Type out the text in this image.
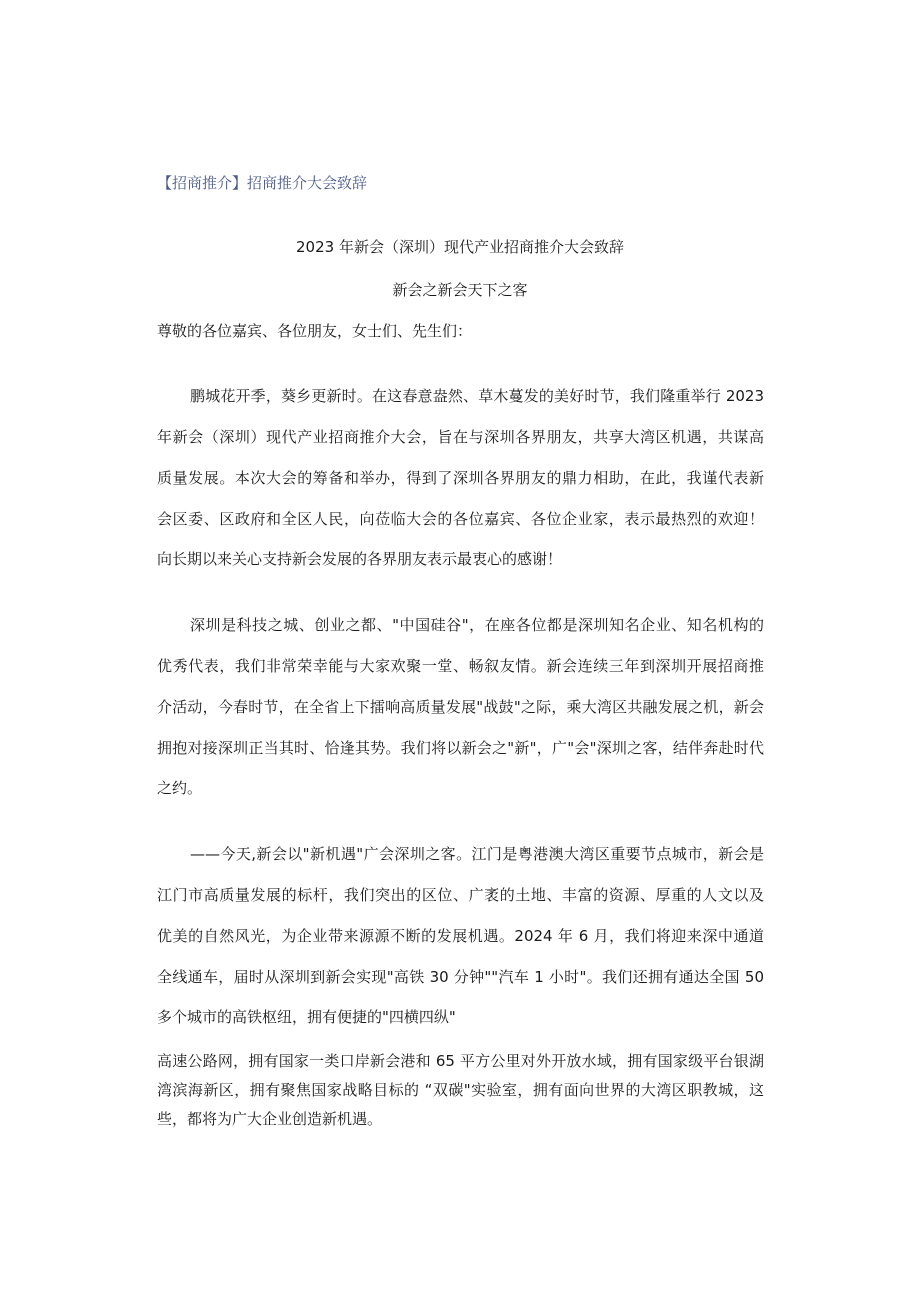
【招商推介】招商推介大会致辞
2023 年新会（深圳）现代产业招商推介大会致辞
新会之新会天下之客
尊敬的各位嘉宾、各位朋友，女士们、先生们：
鹏城花开季，葵乡更新时。在这春意盎然、草木蔓发的美好时节，我们隆重举行 2023
年新会（深圳）现代产业招商推介大会，旨在与深圳各界朋友，共享大湾区机遇，共谋高
质量发展。本次大会的筹备和举办，得到了深圳各界朋友的鼎力相助，在此，我谨代表新
会区委、区政府和全区人民，向莅临大会的各位嘉宾、各位企业家，表示最热烈的欢迎！
向长期以来关心支持新会发展的各界朋友表示最衷心的感谢！
深圳是科技之城、创业之都、"中国硅谷"，在座各位都是深圳知名企业、知名机构的
优秀代表，我们非常荣幸能与大家欢聚一堂、畅叙友情。新会连续三年到深圳开展招商推
介活动，今春时节，在全省上下擂响高质量发展"战鼓"之际，乘大湾区共融发展之机，新会
拥抱对接深圳正当其时、恰逢其势。我们将以新会之"新"，广"会"深圳之客，结伴奔赴时代
之约。
——今天,新会以"新机遇"广会深圳之客。江门是粤港澳大湾区重要节点城市，新会是
江门市高质量发展的标杆，我们突出的区位、广袤的土地、丰富的资源、厚重的人文以及
优美的自然风光，为企业带来源源不断的发展机遇。2024 年 6 月，我们将迎来深中通道
全线通车，届时从深圳到新会实现"高铁 30 分钟""汽车 1 小时"。我们还拥有通达全国 50
多个城市的高铁枢纽，拥有便捷的"四横四纵"
高速公路网，拥有国家一类口岸新会港和 65 平方公里对外开放水域，拥有国家级平台银湖
湾滨海新区，拥有聚焦国家战略目标的 “双碳"实验室，拥有面向世界的大湾区职教城，这
些，都将为广大企业创造新机遇。
